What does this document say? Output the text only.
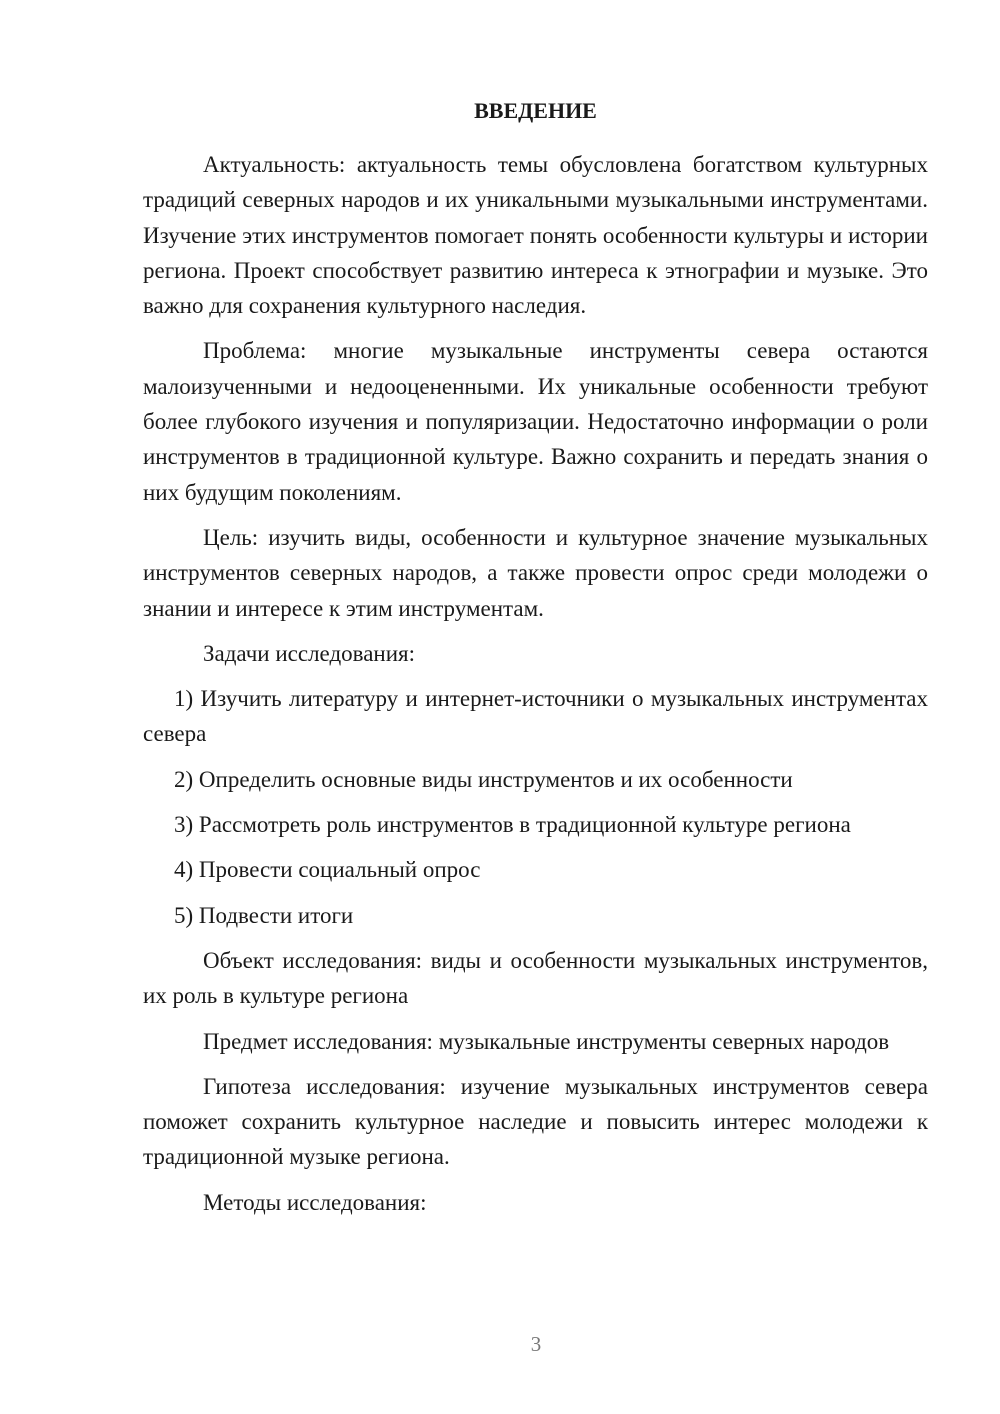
ВВЕДЕНИЕ

Актуальность: актуальность темы обусловлена богатством культурных традиций северных народов и их уникальными музыкальными инструментами. Изучение этих инструментов помогает понять особенности культуры и истории региона. Проект способствует развитию интереса к этнографии и музыке. Это важно для сохранения культурного наследия.

Проблема: многие музыкальные инструменты севера остаются малоизученными и недооцененными. Их уникальные особенности требуют более глубокого изучения и популяризации. Недостаточно информации о роли инструментов в традиционной культуре. Важно сохранить и передать знания о них будущим поколениям.

Цель: изучить виды, особенности и культурное значение музыкальных инструментов северных народов, а также провести опрос среди молодежи о знании и интересе к этим инструментам.

Задачи исследования:

1) Изучить литературу и интернет-источники о музыкальных инструментах севера

2) Определить основные виды инструментов и их особенности

3) Рассмотреть роль инструментов в традиционной культуре региона

4) Провести социальный опрос

5) Подвести итоги

Объект исследования: виды и особенности музыкальных инструментов, их роль в культуре региона

Предмет исследования: музыкальные инструменты северных народов

Гипотеза исследования: изучение музыкальных инструментов севера поможет сохранить культурное наследие и повысить интерес молодежи к традиционной музыке региона.

Методы исследования:

3
